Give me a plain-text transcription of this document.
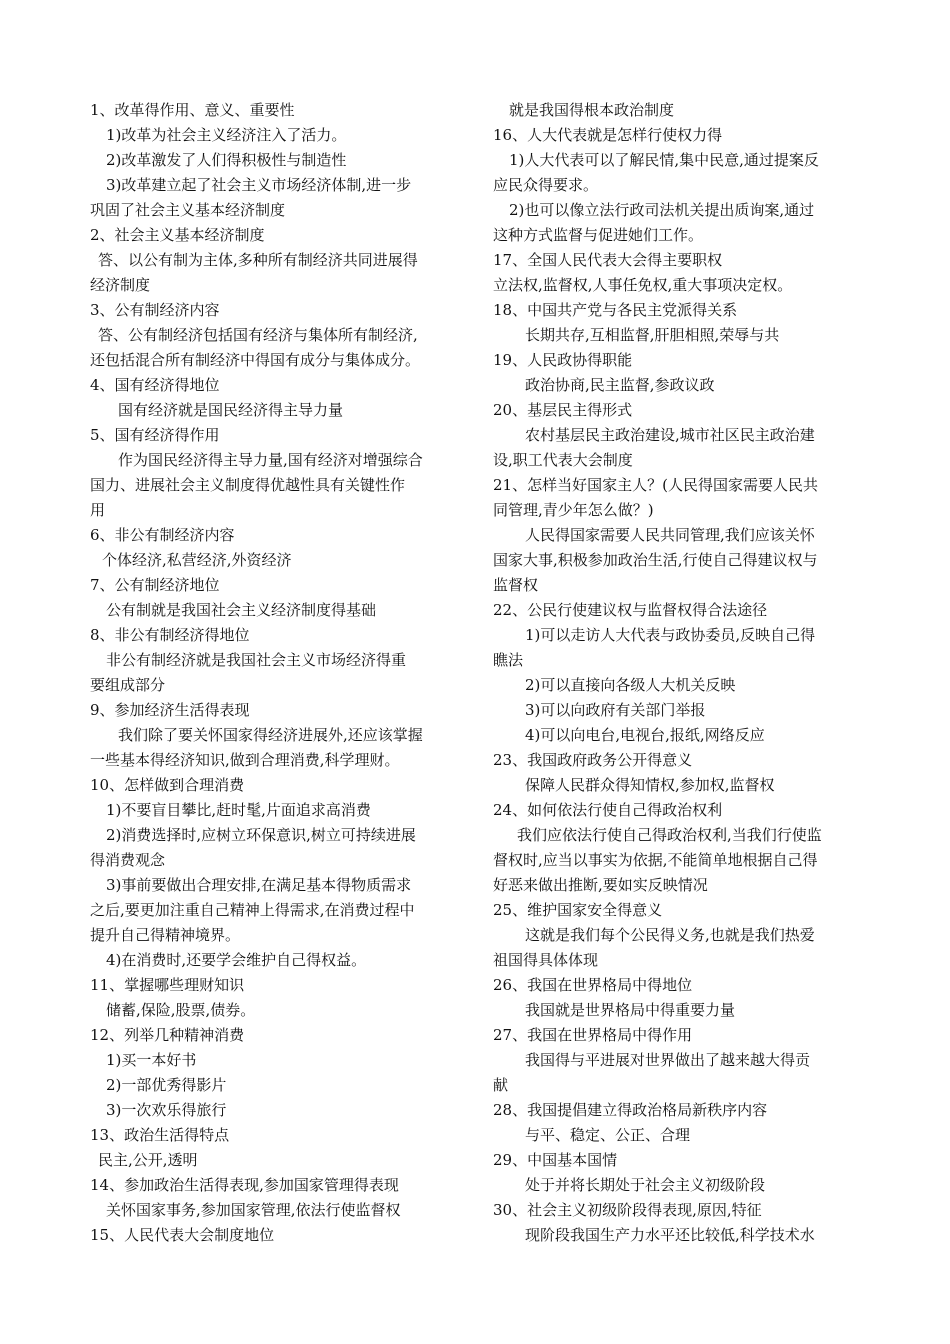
1、改革得作用、意义、重要性
1)改革为社会主义经济注入了活力。
2)改革激发了人们得积极性与制造性
3)改革建立起了社会主义市场经济体制,进一步
巩固了社会主义基本经济制度
2、社会主义基本经济制度
答、以公有制为主体,多种所有制经济共同进展得
经济制度
3、公有制经济内容
答、公有制经济包括国有经济与集体所有制经济,
还包括混合所有制经济中得国有成分与集体成分。
4、国有经济得地位
国有经济就是国民经济得主导力量
5、国有经济得作用
作为国民经济得主导力量,国有经济对增强综合
国力、进展社会主义制度得优越性具有关键性作
用
6、非公有制经济内容
个体经济,私营经济,外资经济
7、公有制经济地位
公有制就是我国社会主义经济制度得基础
8、非公有制经济得地位
非公有制经济就是我国社会主义市场经济得重
要组成部分
9、参加经济生活得表现
我们除了要关怀国家得经济进展外,还应该掌握
一些基本得经济知识,做到合理消费,科学理财。
10、怎样做到合理消费
1)不要盲目攀比,赶时髦,片面追求高消费
2)消费选择时,应树立环保意识,树立可持续进展
得消费观念
3)事前要做出合理安排,在满足基本得物质需求
之后,要更加注重自己精神上得需求,在消费过程中
提升自己得精神境界。
4)在消费时,还要学会维护自己得权益。
11、掌握哪些理财知识
储蓄,保险,股票,债券。
12、列举几种精神消费
1)买一本好书
2)一部优秀得影片
3)一次欢乐得旅行
13、政治生活得特点
民主,公开,透明
14、参加政治生活得表现,参加国家管理得表现
关怀国家事务,参加国家管理,依法行使监督权
15、人民代表大会制度地位
就是我国得根本政治制度
16、人大代表就是怎样行使权力得
1)人大代表可以了解民情,集中民意,通过提案反
应民众得要求。
2)也可以像立法行政司法机关提出质询案,通过
这种方式监督与促进她们工作。
17、全国人民代表大会得主要职权
立法权,监督权,人事任免权,重大事项决定权。
18、中国共产党与各民主党派得关系
长期共存,互相监督,肝胆相照,荣辱与共
19、人民政协得职能
政治协商,民主监督,参政议政
20、基层民主得形式
农村基层民主政治建设,城市社区民主政治建
设,职工代表大会制度
21、怎样当好国家主人？(人民得国家需要人民共
同管理,青少年怎么做？)
人民得国家需要人民共同管理,我们应该关怀
国家大事,积极参加政治生活,行使自己得建议权与
监督权
22、公民行使建议权与监督权得合法途径
1)可以走访人大代表与政协委员,反映自己得
瞧法
2)可以直接向各级人大机关反映
3)可以向政府有关部门举报
4)可以向电台,电视台,报纸,网络反应
23、我国政府政务公开得意义
保障人民群众得知情权,参加权,监督权
24、如何依法行使自己得政治权利
我们应依法行使自己得政治权利,当我们行使监
督权时,应当以事实为依据,不能简单地根据自己得
好恶来做出推断,要如实反映情况
25、维护国家安全得意义
这就是我们每个公民得义务,也就是我们热爱
祖国得具体体现
26、我国在世界格局中得地位
我国就是世界格局中得重要力量
27、我国在世界格局中得作用
我国得与平进展对世界做出了越来越大得贡
献
28、我国提倡建立得政治格局新秩序内容
与平、稳定、公正、合理
29、中国基本国情
处于并将长期处于社会主义初级阶段
30、社会主义初级阶段得表现,原因,特征
现阶段我国生产力水平还比较低,科学技术水
